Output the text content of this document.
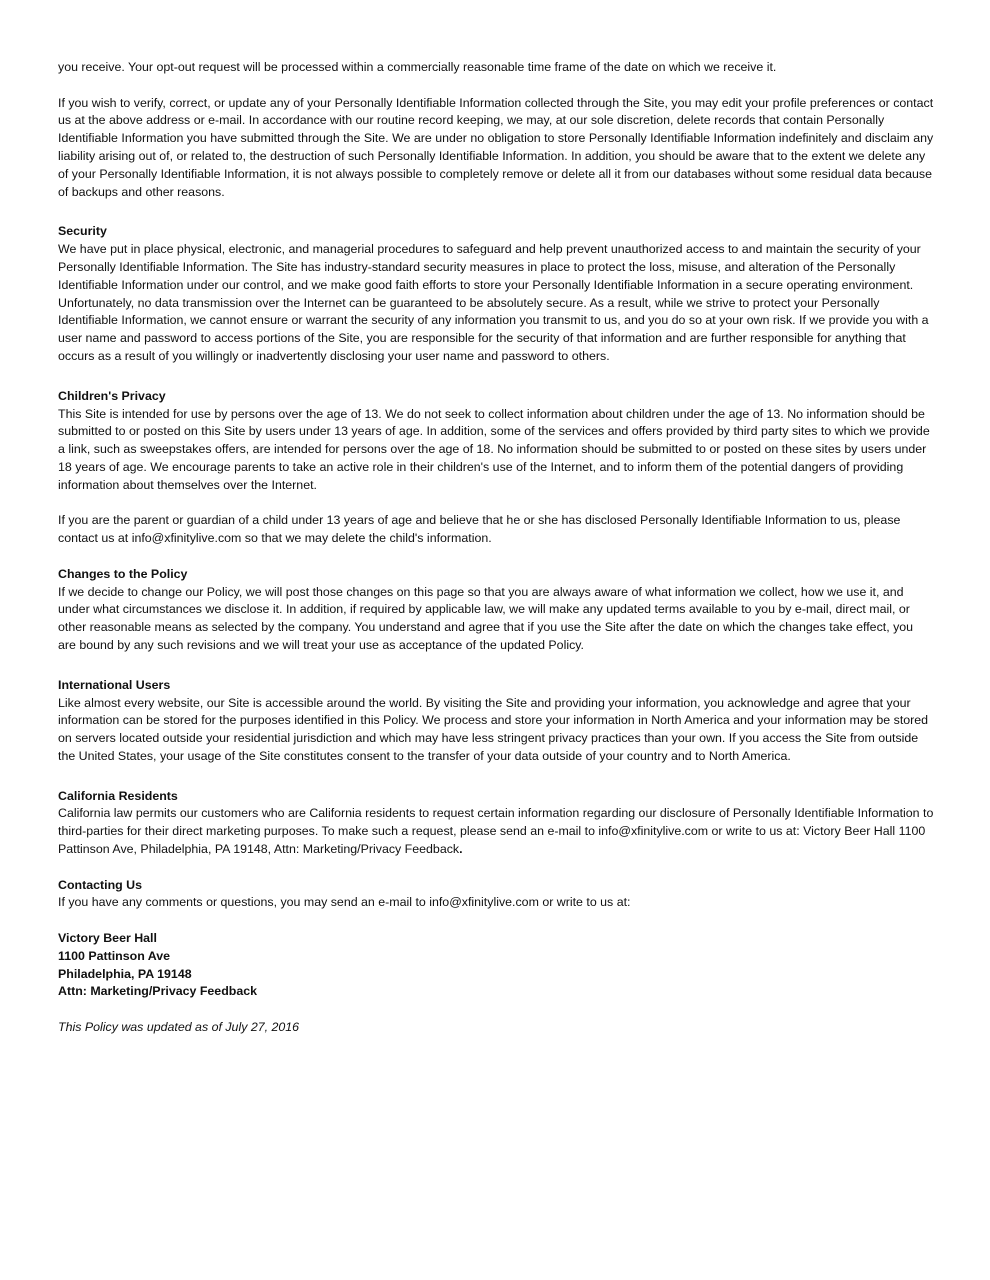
you receive. Your opt-out request will be processed within a commercially reasonable time frame of the date on which we receive it.

If you wish to verify, correct, or update any of your Personally Identifiable Information collected through the Site, you may edit your profile preferences or contact us at the above address or e-mail. In accordance with our routine record keeping, we may, at our sole discretion, delete records that contain Personally Identifiable Information you have submitted through the Site. We are under no obligation to store Personally Identifiable Information indefinitely and disclaim any liability arising out of, or related to, the destruction of such Personally Identifiable Information. In addition, you should be aware that to the extent we delete any of your Personally Identifiable Information, it is not always possible to completely remove or delete all it from our databases without some residual data because of backups and other reasons.

Security

We have put in place physical, electronic, and managerial procedures to safeguard and help prevent unauthorized access to and maintain the security of your Personally Identifiable Information. The Site has industry-standard security measures in place to protect the loss, misuse, and alteration of the Personally Identifiable Information under our control, and we make good faith efforts to store your Personally Identifiable Information in a secure operating environment. Unfortunately, no data transmission over the Internet can be guaranteed to be absolutely secure. As a result, while we strive to protect your Personally Identifiable Information, we cannot ensure or warrant the security of any information you transmit to us, and you do so at your own risk. If we provide you with a user name and password to access portions of the Site, you are responsible for the security of that information and are further responsible for anything that occurs as a result of you willingly or inadvertently disclosing your user name and password to others.

Children's Privacy

This Site is intended for use by persons over the age of 13. We do not seek to collect information about children under the age of 13. No information should be submitted to or posted on this Site by users under 13 years of age. In addition, some of the services and offers provided by third party sites to which we provide a link, such as sweepstakes offers, are intended for persons over the age of 18. No information should be submitted to or posted on these sites by users under 18 years of age. We encourage parents to take an active role in their children's use of the Internet, and to inform them of the potential dangers of providing information about themselves over the Internet.

If you are the parent or guardian of a child under 13 years of age and believe that he or she has disclosed Personally Identifiable Information to us, please contact us at info@xfinitylive.com so that we may delete the child's information.

Changes to the Policy

If we decide to change our Policy, we will post those changes on this page so that you are always aware of what information we collect, how we use it, and under what circumstances we disclose it. In addition, if required by applicable law, we will make any updated terms available to you by e-mail, direct mail, or other reasonable means as selected by the company. You understand and agree that if you use the Site after the date on which the changes take effect, you are bound by any such revisions and we will treat your use as acceptance of the updated Policy.

International Users

Like almost every website, our Site is accessible around the world. By visiting the Site and providing your information, you acknowledge and agree that your information can be stored for the purposes identified in this Policy. We process and store your information in North America and your information may be stored on servers located outside your residential jurisdiction and which may have less stringent privacy practices than your own. If you access the Site from outside the United States, your usage of the Site constitutes consent to the transfer of your data outside of your country and to North America.

California Residents

California law permits our customers who are California residents to request certain information regarding our disclosure of Personally Identifiable Information to third-parties for their direct marketing purposes. To make such a request, please send an e-mail to info@xfinitylive.com or write to us at: Victory Beer Hall 1100 Pattinson Ave, Philadelphia, PA 19148, Attn: Marketing/Privacy Feedback.

Contacting Us

If you have any comments or questions, you may send an e-mail to info@xfinitylive.com or write to us at:

Victory Beer Hall
1100 Pattinson Ave
Philadelphia, PA 19148
Attn: Marketing/Privacy Feedback

This Policy was updated as of July 27, 2016
